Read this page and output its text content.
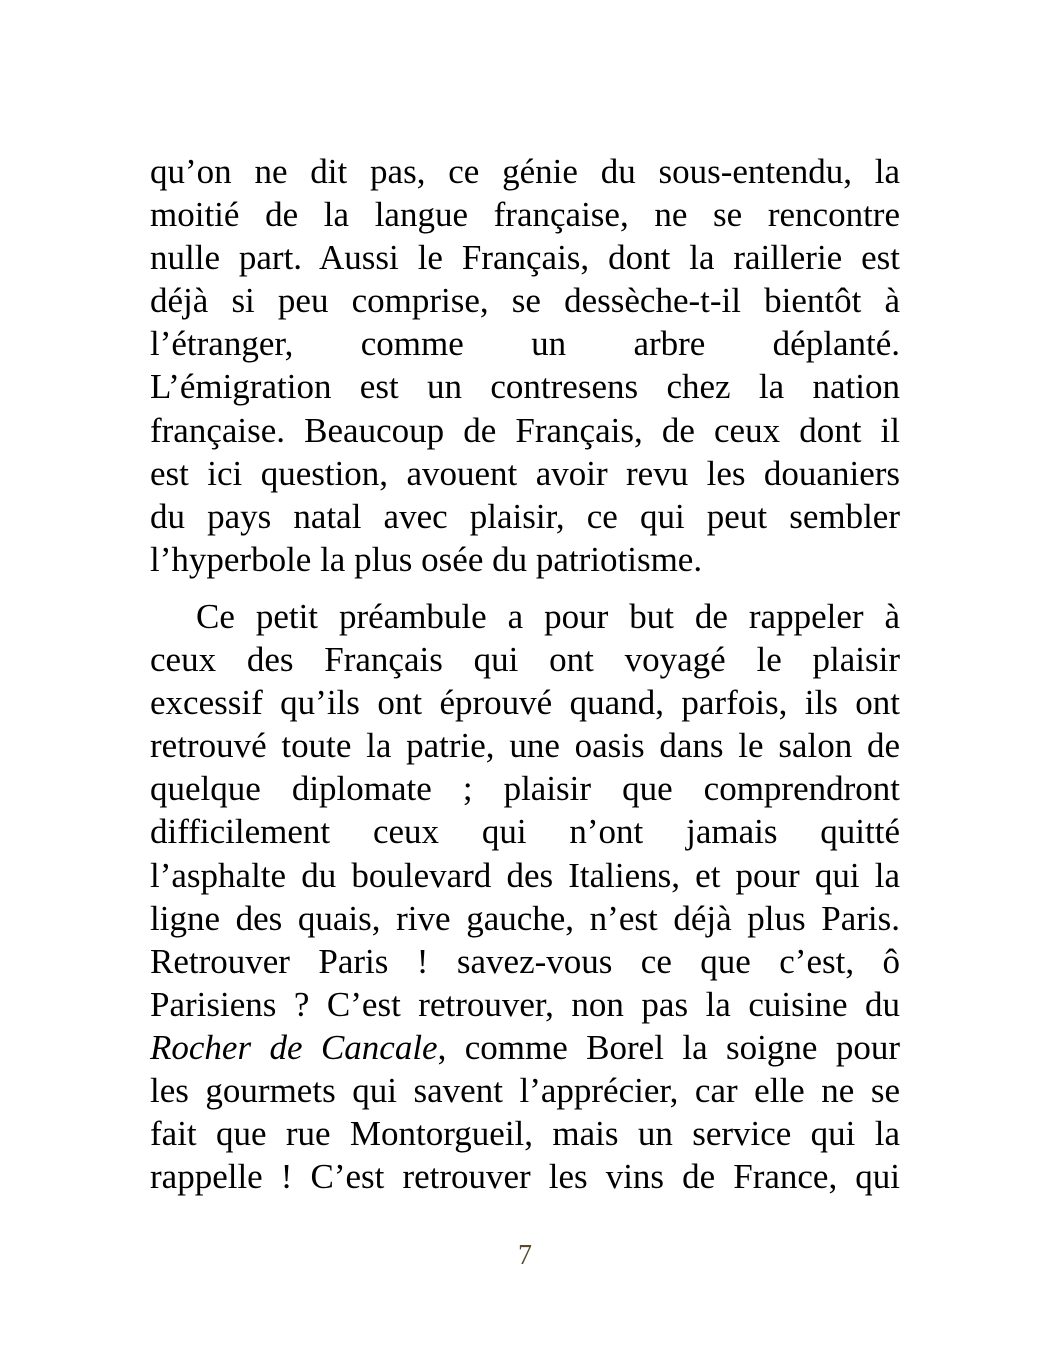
qu’on ne dit pas, ce génie du sous-entendu, la
moitié de la langue française, ne se rencontre
nulle part. Aussi le Français, dont la raillerie est
déjà si peu comprise, se dessèche-t-il bientôt à
l’étranger, comme un arbre déplanté.
L’émigration est un contresens chez la nation
française. Beaucoup de Français, de ceux dont il
est ici question, avouent avoir revu les douaniers
du pays natal avec plaisir, ce qui peut sembler
l’hyperbole la plus osée du patriotisme.
Ce petit préambule a pour but de rappeler à
ceux des Français qui ont voyagé le plaisir
excessif qu’ils ont éprouvé quand, parfois, ils ont
retrouvé toute la patrie, une oasis dans le salon de
quelque diplomate ; plaisir que comprendront
difficilement ceux qui n’ont jamais quitté
l’asphalte du boulevard des Italiens, et pour qui la
ligne des quais, rive gauche, n’est déjà plus Paris.
Retrouver Paris ! savez-vous ce que c’est, ô
Parisiens ? C’est retrouver, non pas la cuisine du
Rocher de Cancale, comme Borel la soigne pour
les gourmets qui savent l’apprécier, car elle ne se
fait que rue Montorgueil, mais un service qui la
rappelle ! C’est retrouver les vins de France, qui
7
